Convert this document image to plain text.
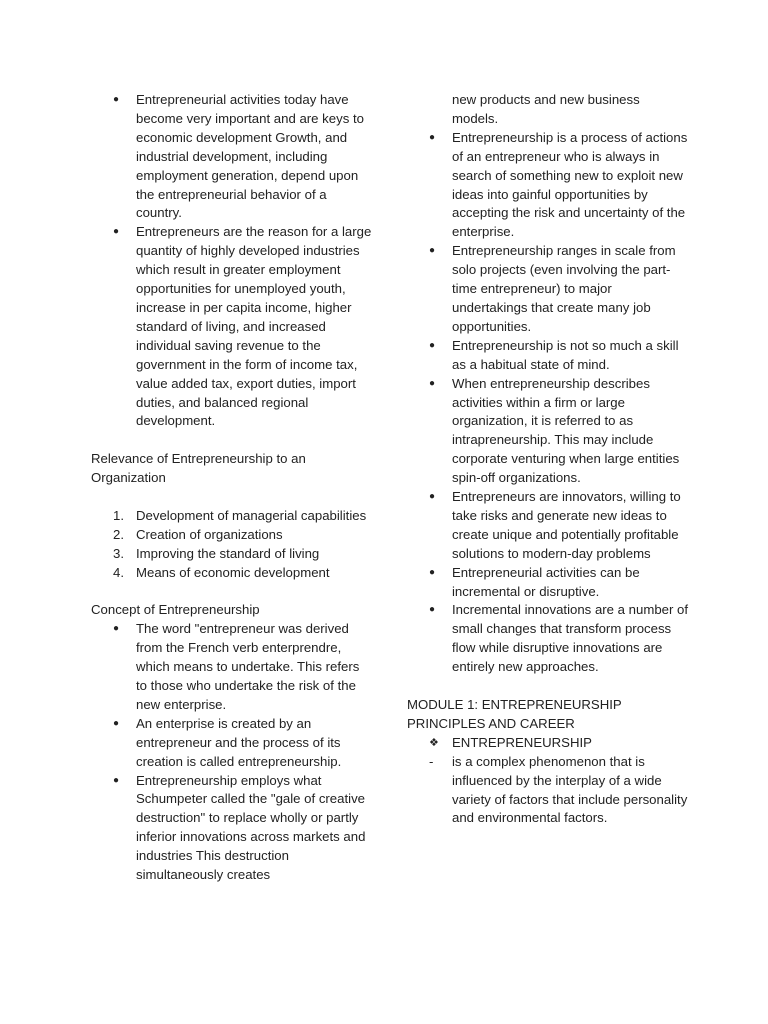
● Entrepreneurial activities today have become very important and are keys to economic development Growth, and industrial development, including employment generation, depend upon the entrepreneurial behavior of a country.
● Entrepreneurs are the reason for a large quantity of highly developed industries which result in greater employment opportunities for unemployed youth, increase in per capita income, higher standard of living, and increased individual saving revenue to the government in the form of income tax, value added tax, export duties, import duties, and balanced regional development.

Relevance of Entrepreneurship to an Organization

1. Development of managerial capabilities
2. Creation of organizations
3. Improving the standard of living
4. Means of economic development

Concept of Entrepreneurship

● The word "entrepreneur was derived from the French verb enterprendre, which means to undertake. This refers to those who undertake the risk of the new enterprise.
● An enterprise is created by an entrepreneur and the process of its creation is called entrepreneurship.
● Entrepreneurship employs what Schumpeter called the "gale of creative destruction" to replace wholly or partly inferior innovations across markets and industries This destruction simultaneously creates
new products and new business models.
● Entrepreneurship is a process of actions of an entrepreneur who is always in search of something new to exploit new ideas into gainful opportunities by accepting the risk and uncertainty of the enterprise.
● Entrepreneurship ranges in scale from solo projects (even involving the part-time entrepreneur) to major undertakings that create many job opportunities.
● Entrepreneurship is not so much a skill as a habitual state of mind.
● When entrepreneurship describes activities within a firm or large organization, it is referred to as intrapreneurship. This may include corporate venturing when large entities spin-off organizations.
● Entrepreneurs are innovators, willing to take risks and generate new ideas to create unique and potentially profitable solutions to modern-day problems
● Entrepreneurial activities can be incremental or disruptive.
● Incremental innovations are a number of small changes that transform process flow while disruptive innovations are entirely new approaches.

MODULE 1: ENTREPRENEURSHIP PRINCIPLES AND CAREER

❖ ENTREPRENEURSHIP
- is a complex phenomenon that is influenced by the interplay of a wide variety of factors that include personality and environmental factors.
